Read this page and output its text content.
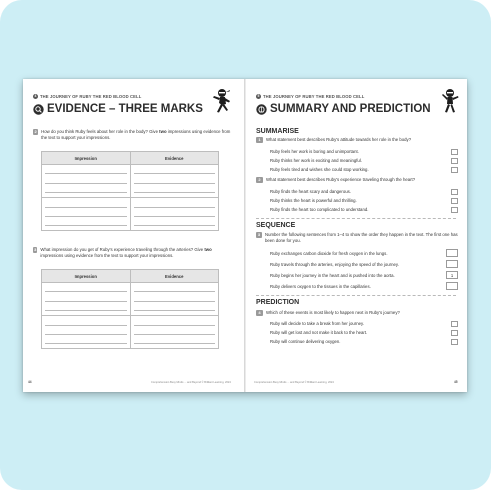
4 THE JOURNEY OF RUBY THE RED BLOOD CELL
EVIDENCE – THREE MARKS
2	How do you think Ruby feels about her role in the body? Give two impressions using evidence from the text to support your impressions.
Impression	Evidence

3 What impression do you get of Ruby's experience traveling through the arteries? Give two impressions using evidence from the text to support your impressions.
Impression	Evidence

44	Comprehension Busy Minds ... and Beyond © Brilliant Learning, 2024
5 THE JOURNEY OF RUBY THE RED BLOOD CELL
SUMMARY AND PREDICTION
SUMMARISE
1	What statement best describes Ruby's attitude towards her role in the body?
Ruby feels her work is boring and unimportant.
Ruby thinks her work is exciting and meaningful.
Ruby feels tired and wishes she could stop working.
2	What statement best describes Ruby's experience traveling through the heart?
Ruby finds the heart scary and dangerous.
Ruby thinks the heart is powerful and thrilling.
Ruby finds the heart too complicated to understand.
SEQUENCE
3	Number the following sentences from 1–4 to show the order they happen in the text. The first one has been done for you.
Ruby exchanges carbon dioxide for fresh oxygen in the lungs.
Ruby travels through the arteries, enjoying the speed of the journey.
Ruby begins her journey in the heart and is pushed into the aorta.	1
Ruby delivers oxygen to the tissues in the capillaries.
PREDICTION
4	Which of these events is most likely to happen next in Ruby's journey?
Ruby will decide to take a break from her journey.
Ruby will get lost and not make it back to the heart.
Ruby will continue delivering oxygen.
Comprehension Busy Minds ... and Beyond © Brilliant Learning, 2024	45
